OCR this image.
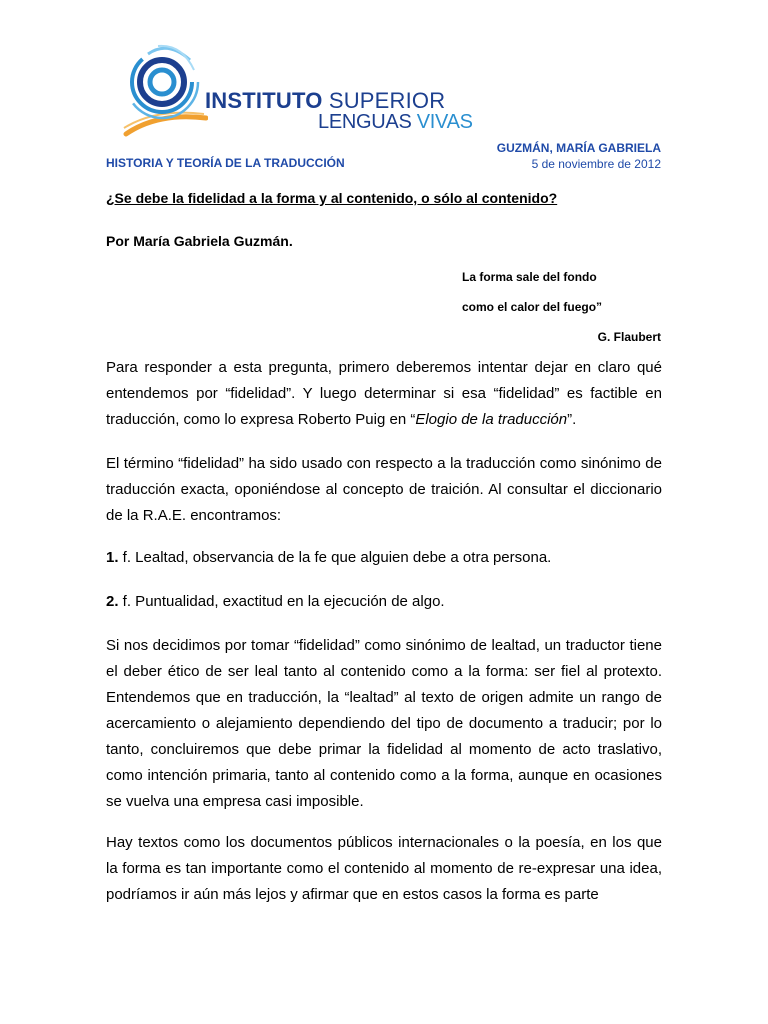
INSTITUTO SUPERIOR
LENGUAS VIVAS
HISTORIA Y TEORÍA DE LA TRADUCCIÓN
GUZMÁN, MARÍA GABRIELA
5 de noviembre de 2012
¿Se debe la fidelidad a la forma y al contenido, o sólo al contenido?
Por María Gabriela Guzmán.
La forma sale del fondo
como el calor del fuego”
G. Flaubert
Para responder a esta pregunta, primero deberemos intentar dejar en claro qué entendemos por “fidelidad”. Y luego determinar si esa “fidelidad” es factible en traducción, como lo expresa Roberto Puig en “Elogio de la traducción”.
El término “fidelidad” ha sido usado con respecto a la traducción como sinónimo de traducción exacta, oponiéndose al concepto de traición. Al consultar el diccionario de la R.A.E. encontramos:
1. f. Lealtad, observancia de la fe que alguien debe a otra persona.
2. f. Puntualidad, exactitud en la ejecución de algo.
Si nos decidimos por tomar “fidelidad” como sinónimo de lealtad, un traductor tiene el deber ético de ser leal tanto al contenido como a la forma: ser fiel al protexto. Entendemos que en traducción, la “lealtad” al texto de origen admite un rango de acercamiento o alejamiento dependiendo del tipo de documento a traducir; por lo tanto, concluiremos que debe primar la fidelidad al momento de acto traslativo, como intención primaria, tanto al contenido como a la forma, aunque en ocasiones se vuelva una empresa casi imposible.
Hay textos como los documentos públicos internacionales o la poesía, en los que la forma es tan importante como el contenido al momento de re-expresar una idea, podríamos ir aún más lejos y afirmar que en estos casos la forma es parte
